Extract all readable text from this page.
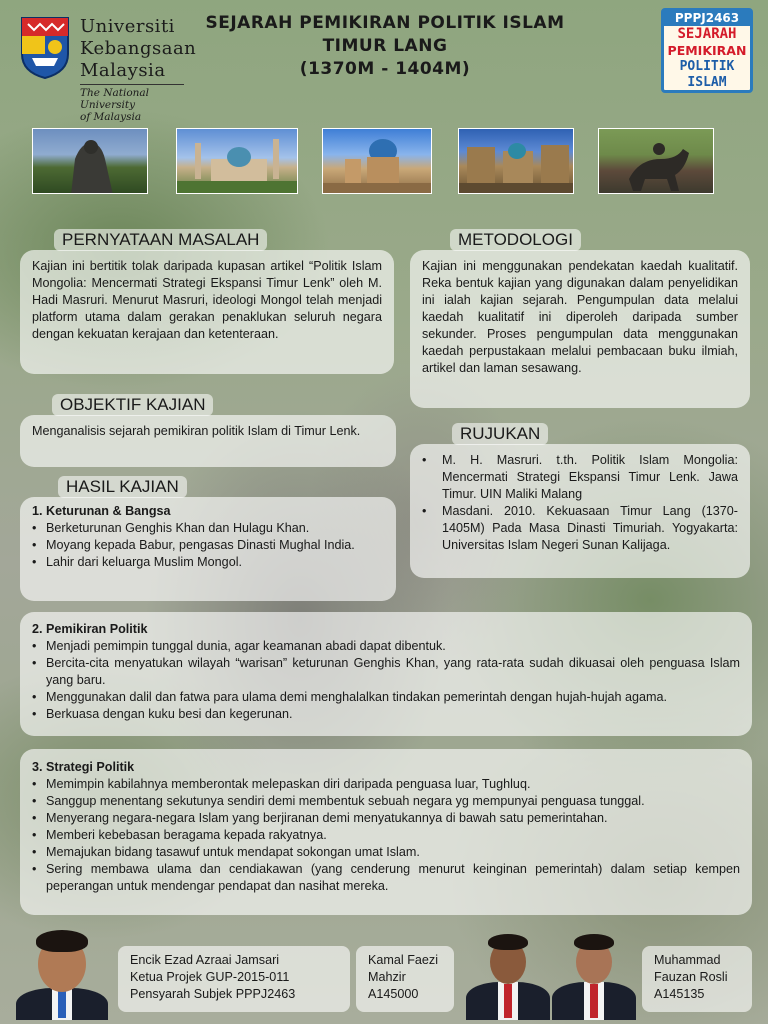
Universiti
Kebangsaan
Malaysia
The National University
of Malaysia
SEJARAH PEMIKIRAN POLITIK ISLAM
TIMUR LANG
(1370M - 1404M)
PPPJ2463
SEJARAH
PEMIKIRAN
POLITIK
ISLAM
PERNYATAAN MASALAH

Kajian ini bertitik tolak daripada kupasan artikel “Politik Islam Mongolia: Mencermati Strategi Ekspansi Timur Lenk” oleh M. Hadi Masruri. Menurut Masruri, ideologi Mongol telah menjadi platform utama dalam gerakan penaklukan seluruh negara dengan kekuatan kerajaan dan ketenteraan.

METODOLOGI

Kajian ini menggunakan pendekatan kaedah kualitatif. Reka bentuk kajian yang digunakan dalam penyelidikan ini ialah kajian sejarah. Pengumpulan data melalui kaedah kualitatif ini diperoleh daripada sumber sekunder. Proses pengumpulan data menggunakan kaedah perpustakaan melalui pembacaan buku ilmiah, artikel dan laman sesawang.

OBJEKTIF KAJIAN

Menganalisis sejarah pemikiran politik Islam di Timur Lenk.	RUJUKAN
• M. H. Masruri. t.th. Politik Islam Mongolia: Mencermati Strategi Ekspansi Timur Lenk. Jawa Timur. UIN Maliki Malang
• Masdani. 2010. Kekuasaan Timur Lang (1370-1405M) Pada Masa Dinasti Timuriah. Yogyakarta: Universitas Islam Negeri Sunan Kalijaga.
HASIL KAJIAN
1. Keturunan & Bangsa
• Berketurunan Genghis Khan dan Hulagu Khan.
• Moyang kepada Babur, pengasas Dinasti Mughal India.
• Lahir dari keluarga Muslim Mongol.
2. Pemikiran Politik
• Menjadi pemimpin tunggal dunia, agar keamanan abadi dapat dibentuk.
• Bercita-cita menyatukan wilayah “warisan” keturunan Genghis Khan, yang rata-rata sudah dikuasai oleh penguasa Islam yang baru.
• Menggunakan dalil dan fatwa para ulama demi menghalalkan tindakan pemerintah dengan hujah-hujah agama.
• Berkuasa dengan kuku besi dan kegerunan.
3. Strategi Politik
• Memimpin kabilahnya memberontak melepaskan diri daripada penguasa luar, Tughluq.
• Sanggup menentang sekutunya sendiri demi membentuk sebuah negara yg mempunyai penguasa tunggal.
• Menyerang negara-negara Islam yang berjiranan demi menyatukannya di bawah satu pemerintahan.
• Memberi kebebasan beragama kepada rakyatnya.
• Memajukan bidang tasawuf untuk mendapat sokongan umat Islam.
• Sering membawa ulama dan cendiakawan (yang cenderung menurut keinginan pemerintah) dalam setiap kempen peperangan untuk mendengar pendapat dan nasihat mereka.
Encik Ezad Azraai Jamsari
Ketua Projek GUP-2015-011
Pensyarah Subjek PPPJ2463
Kamal Faezi
Mahzir
A145000
Muhammad
Fauzan Rosli
A145135
